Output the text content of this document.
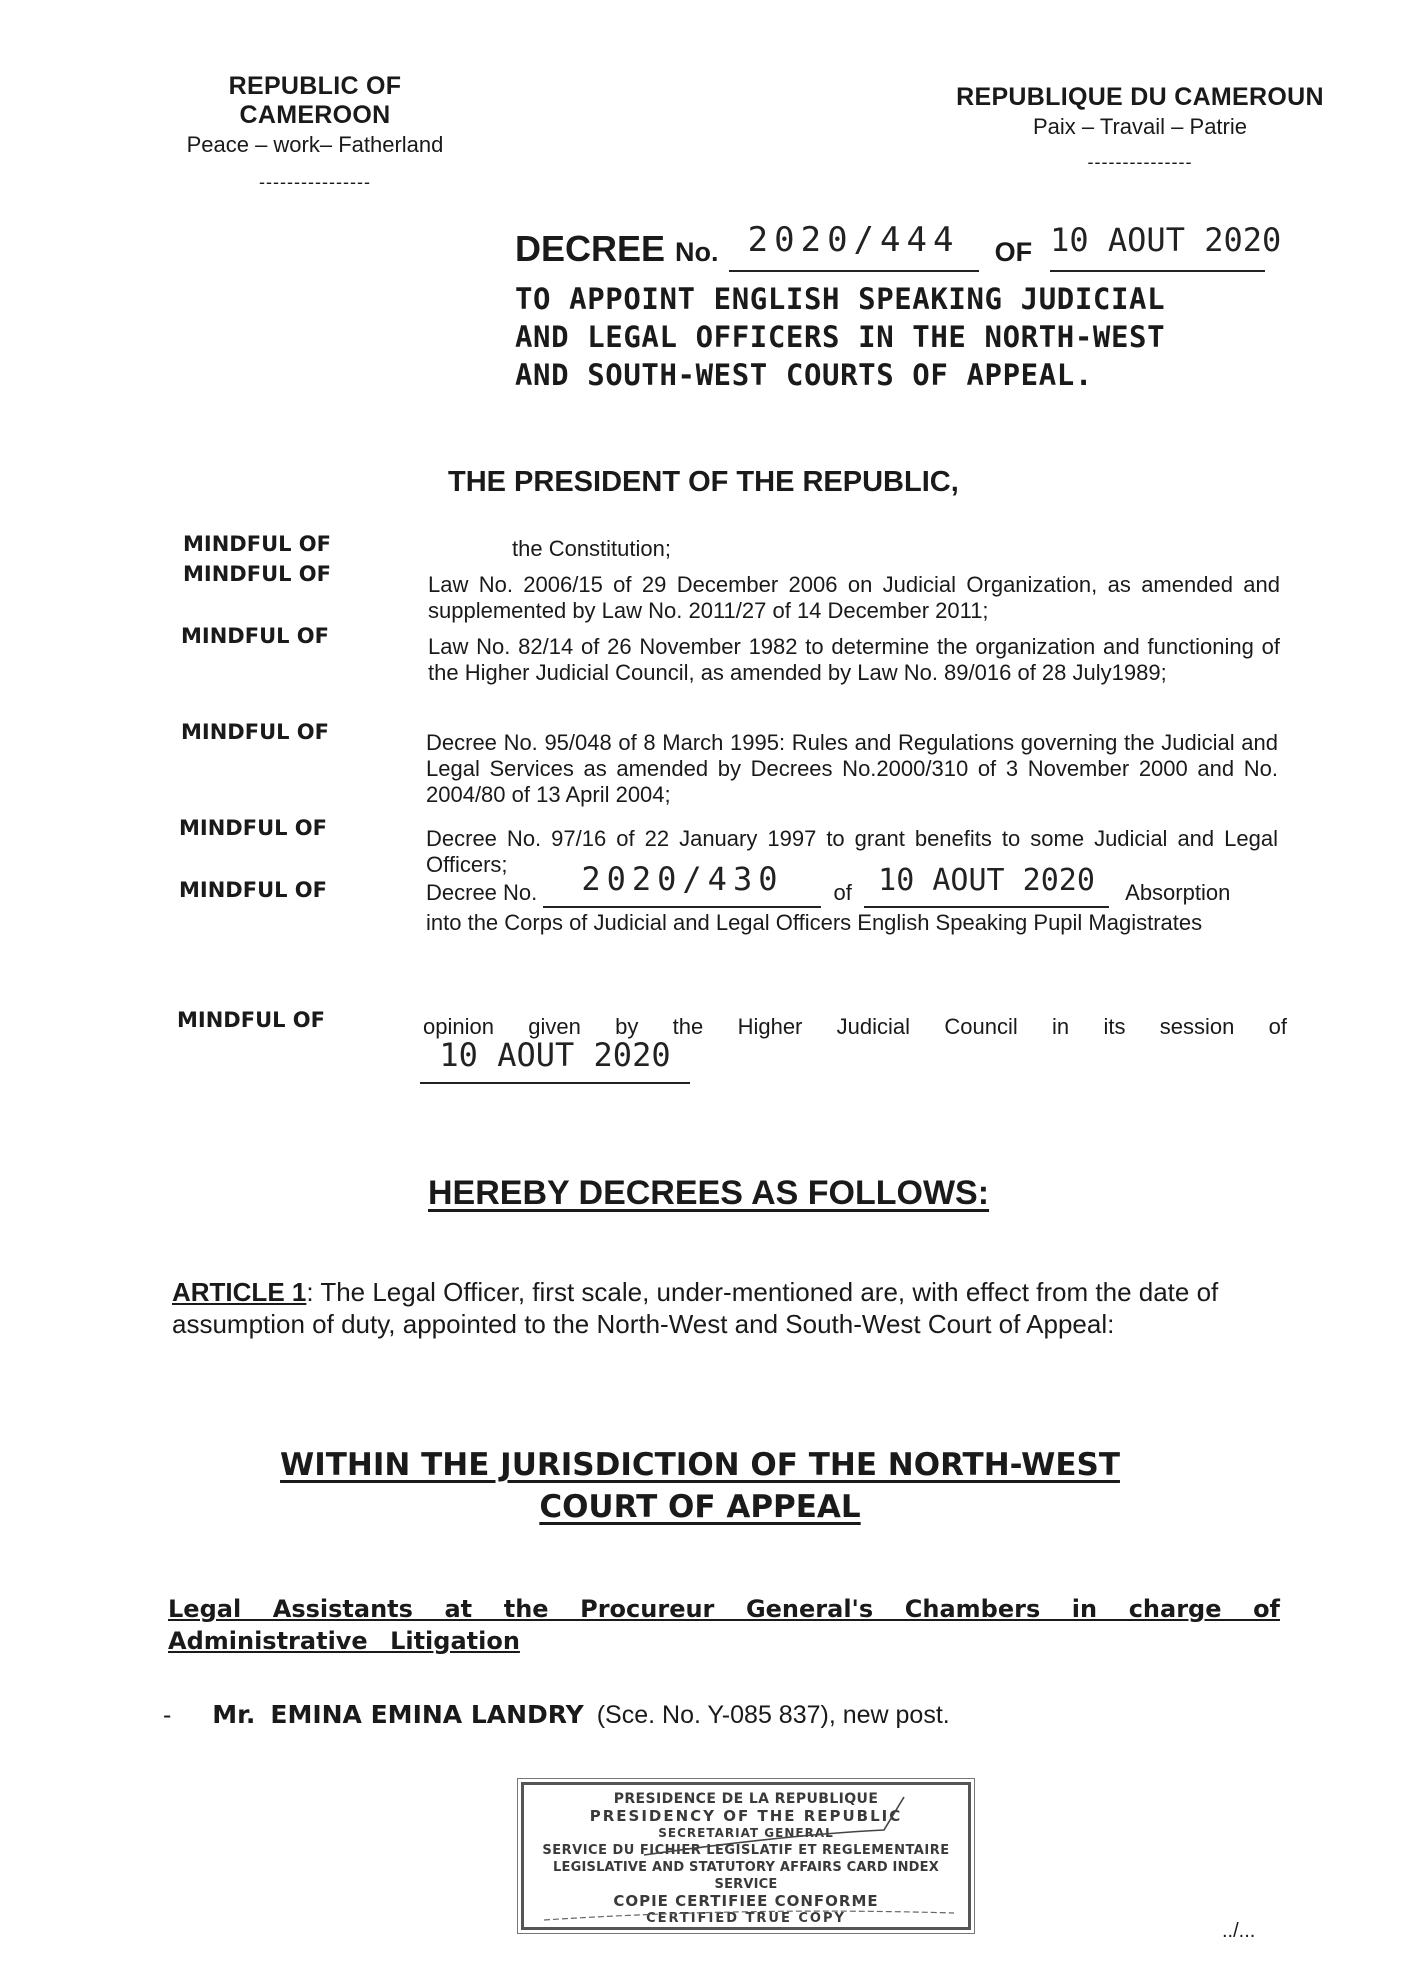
REPUBLIC OF CAMEROON
Peace – work– Fatherland
----------------
REPUBLIQUE DU CAMEROUN
Paix – Travail – Patrie
---------------
DECREE No. 2020/444 OF 10 AOUT 2020
TO APPOINT ENGLISH SPEAKING JUDICIAL
AND LEGAL OFFICERS IN THE NORTH-WEST
AND SOUTH-WEST COURTS OF APPEAL.
THE PRESIDENT OF THE REPUBLIC,
MINDFUL OF	the Constitution;
MINDFUL OF	Law No. 2006/15 of 29 December 2006 on Judicial Organization, as amended and supplemented by Law No. 2011/27 of 14 December 2011;
MINDFUL OF	Law No. 82/14 of 26 November 1982 to determine the organization and functioning of the Higher Judicial Council, as amended by Law No. 89/016 of 28 July1989;
MINDFUL OF	Decree No. 95/048 of 8 March 1995: Rules and Regulations governing the Judicial and Legal Services as amended by Decrees No.2000/310 of 3 November 2000 and No. 2004/80 of 13 April 2004;
MINDFUL OF	Decree No. 97/16 of 22 January 1997 to grant benefits to some Judicial and Legal Officers;
MINDFUL OF	Decree No. 2020/430 of 10 AOUT 2020 Absorption
into the Corps of Judicial and Legal Officers English Speaking Pupil Magistrates
MINDFUL OF	opinion given by the Higher Judicial Council in its session of
10 AOUT 2020
HEREBY DECREES AS FOLLOWS:
ARTICLE 1: The Legal Officer, first scale, under-mentioned are, with effect from the date of assumption of duty, appointed to the North-West and South-West Court of Appeal:
WITHIN THE JURISDICTION OF THE NORTH-WEST
COURT OF APPEAL
Legal Assistants at the Procureur General's Chambers in charge of Administrative Litigation
- Mr. EMINA EMINA LANDRY (Sce. No. Y-085 837), new post.
PRESIDENCE DE LA REPUBLIQUE
PRESIDENCY OF THE REPUBLIC
SECRETARIAT GENERAL
SERVICE DU FICHIER LEGISLATIF ET REGLEMENTAIRE
LEGISLATIVE AND STATUTORY AFFAIRS CARD INDEX SERVICE
COPIE CERTIFIEE CONFORME
CERTIFIED TRUE COPY
../...
